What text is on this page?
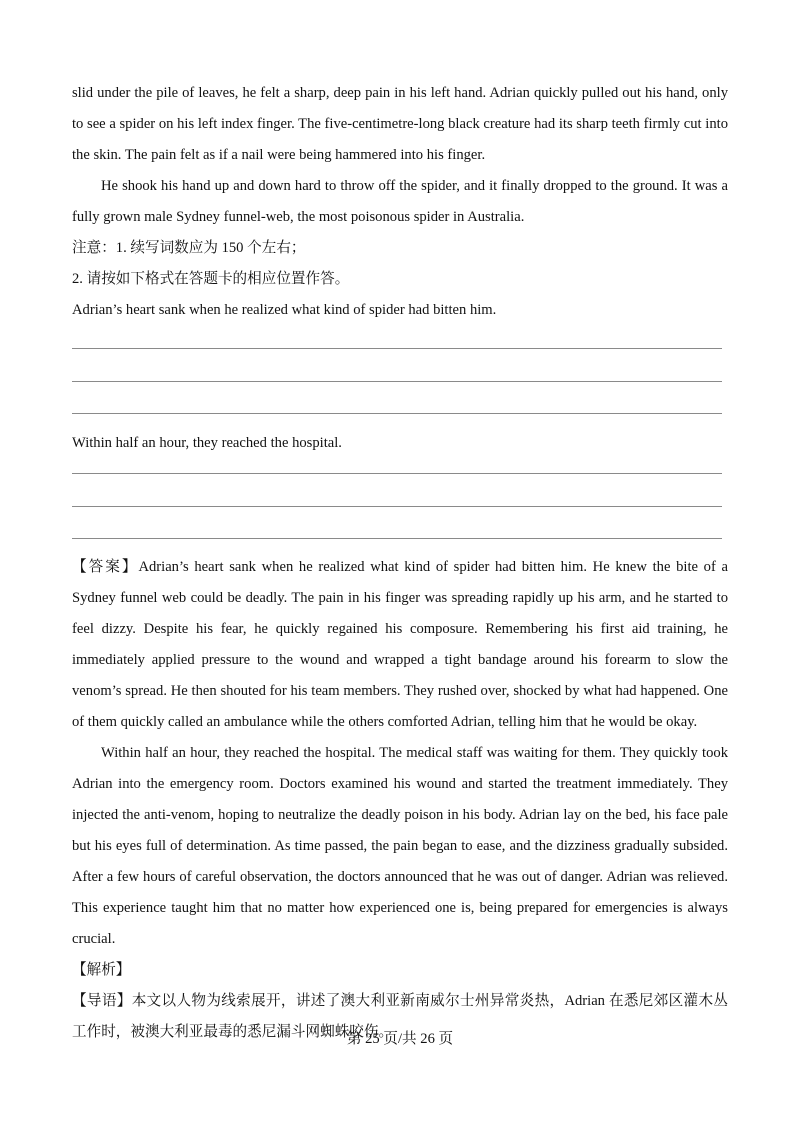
slid under the pile of leaves, he felt a sharp, deep pain in his left hand. Adrian quickly pulled out his hand, only to see a spider on his left index finger. The five-centimetre-long black creature had its sharp teeth firmly cut into the skin. The pain felt as if a nail were being hammered into his finger.

He shook his hand up and down hard to throw off the spider, and it finally dropped to the ground. It was a fully grown male Sydney funnel-web, the most poisonous spider in Australia.

注意：1. 续写词数应为 150 个左右；

2. 请按如下格式在答题卡的相应位置作答。

Adrian’s heart sank when he realized what kind of spider had bitten him.

Within half an hour, they reached the hospital.

【答案】Adrian’s heart sank when he realized what kind of spider had bitten him. He knew the bite of a Sydney funnel web could be deadly. The pain in his finger was spreading rapidly up his arm, and he started to feel dizzy. Despite his fear, he quickly regained his composure. Remembering his first aid training, he immediately applied pressure to the wound and wrapped a tight bandage around his forearm to slow the venom’s spread. He then shouted for his team members. They rushed over, shocked by what had happened. One of them quickly called an ambulance while the others comforted Adrian, telling him that he would be okay.

Within half an hour, they reached the hospital. The medical staff was waiting for them. They quickly took Adrian into the emergency room. Doctors examined his wound and started the treatment immediately. They injected the anti-venom, hoping to neutralize the deadly poison in his body. Adrian lay on the bed, his face pale but his eyes full of determination. As time passed, the pain began to ease, and the dizziness gradually subsided. After a few hours of careful observation, the doctors announced that he was out of danger. Adrian was relieved. This experience taught him that no matter how experienced one is, being prepared for emergencies is always crucial.

【解析】

【导语】本文以人物为线索展开，讲述了澳大利亚新南威尔士州异常炎热，Adrian 在悉尼郊区灌木丛工作时，被澳大利亚最毒的悉尼漏斗网蜘蛛咬伤。

第 25 页/共 26 页
